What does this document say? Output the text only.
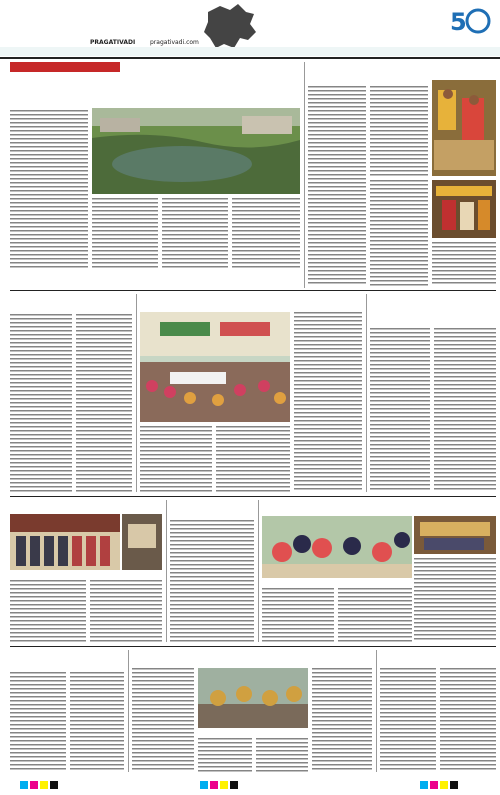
PRAGATIVADI pragativadi.com
5
